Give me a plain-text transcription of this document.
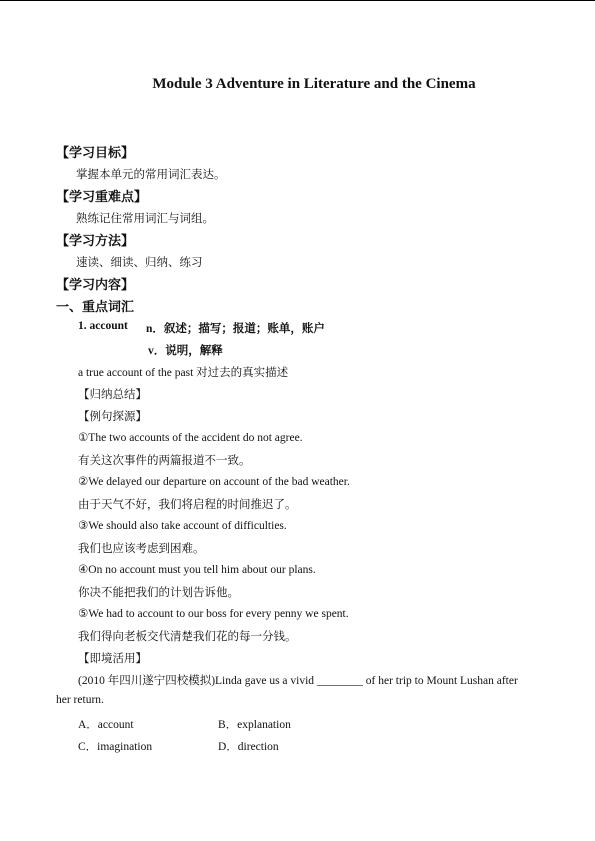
Module 3 Adventure in Literature and the Cinema
【学习目标】
掌握本单元的常用词汇表达。
【学习重难点】
熟练记住常用词汇与词组。
【学习方法】
速读、细读、归纳、练习
【学习内容】
一、重点词汇
1. account n．叙述；描写；报道；账单，账户
v．说明，解释
a true account of the past 对过去的真实描述
【归纳总结】
【例句探源】
①The two accounts of the accident do not agree.
有关这次事件的两篇报道不一致。
②We delayed our departure on account of the bad weather.
由于天气不好，我们将启程的时间推迟了。
③We should also take account of difficulties.
我们也应该考虑到困难。
④On no account must you tell him about our plans.
你决不能把我们的计划告诉他。
⑤We had to account to our boss for every penny we spent.
我们得向老板交代清楚我们花的每一分钱。
【即境活用】
(2010 年四川遂宁四校模拟)Linda gave us a vivid ________ of her trip to Mount Lushan after
her return.
A．account	B．explanation
C．imagination	D．direction
